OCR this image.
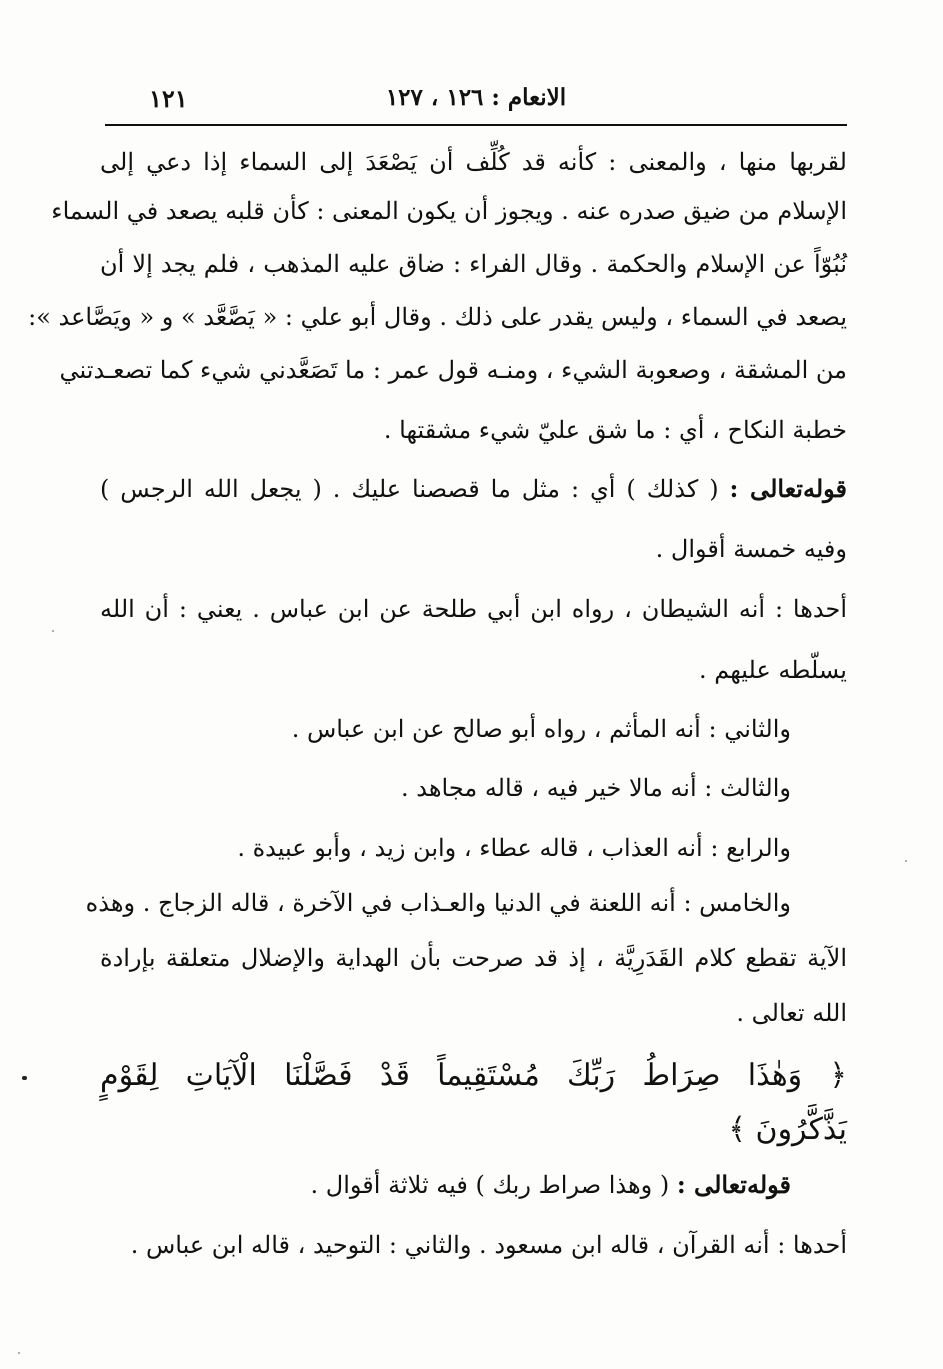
الانعام : ١٢٦ ، ١٢٧
١٢١
لقربها منها ، والمعنى : كأنه قد كُلِّف أن يَصْعَدَ إلى السماء إذا دعي إلى
الإسلام من ضيق صدره عنه . ويجوز أن يكون المعنى : كأن قلبه يصعد في السماء
نُبُوّاً عن الإسلام والحكمة . وقال الفراء : ضاق عليه المذهب ، فلم يجد إلا أن
يصعد في السماء ، وليس يقدر على ذلك . وقال أبو علي : « يَصَّعَّد » و « ويَصَّاعد »:
من المشقة ، وصعوبة الشيء ، ومنـه قول عمر : ما تَصَعَّدني شيء كما تصعـدتني
خطبة النكاح ، أي : ما شق عليّ شيء مشقتها .
قوله‌تعالى : ( كذلك ) أي : مثل ما قصصنا عليك . ( يجعل الله الرجس )
وفيه خمسة أقوال .
أحدها : أنه الشيطان ، رواه ابن أبي طلحة عن ابن عباس . يعني : أن الله
يسلّطه عليهم .
والثاني : أنه المأثم ، رواه أبو صالح عن ابن عباس .
والثالث : أنه مالا خير فيه ، قاله مجاهد .
والرابع : أنه العذاب ، قاله عطاء ، وابن زيد ، وأبو عبيدة .
والخامس : أنه اللعنة في الدنيا والعـذاب في الآخرة ، قاله الزجاج . وهذه
الآية تقطع كلام القَدَرِيَّة ، إذ قد صرحت بأن الهداية والإضلال متعلقة بإرادة
الله تعالى .
﴿ وَهٰذَا صِرَاطُ رَبِّكَ مُسْتَقِيماً قَدْ فَصَّلْنَا الْآيَاتِ لِقَوْمٍ
يَذَّكَّرُونَ ﴾
قوله‌تعالى : ( وهذا صراط ربك ) فيه ثلاثة أقوال .
أحدها : أنه القرآن ، قاله ابن مسعود . والثاني : التوحيد ، قاله ابن عباس .
